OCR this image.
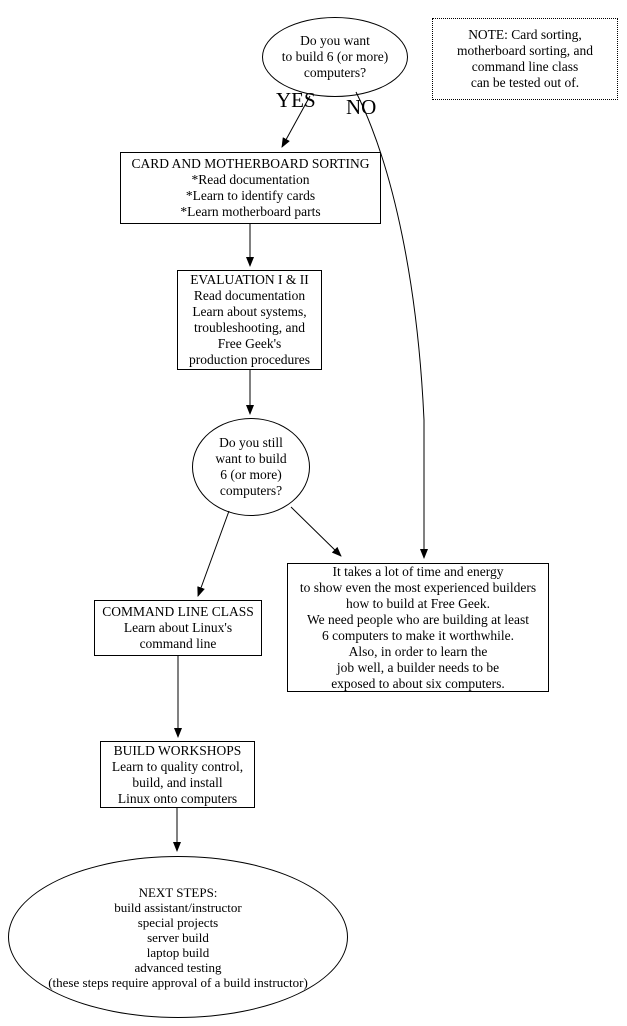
Do you want
to build 6 (or more)
computers?
NOTE: Card sorting,
motherboard sorting, and
command line class
can be tested out of.
YES NO
CARD AND MOTHERBOARD SORTING
*Read documentation
*Learn to identify cards
*Learn motherboard parts
EVALUATION I & II
Read documentation
Learn about systems,
troubleshooting, and
Free Geek's
production procedures
Do you still
want to build
6 (or more)
computers?
It takes a lot of time and energy
to show even the most experienced builders
how to build at Free Geek.
We need people who are building at least
6 computers to make it worthwhile.
Also, in order to learn the
job well, a builder needs to be
exposed to about six computers.
COMMAND LINE CLASS
Learn about Linux's
command line
BUILD WORKSHOPS
Learn to quality control,
build, and install
Linux onto computers
NEXT STEPS:
build assistant/instructor
special projects
server build
laptop build
advanced testing
(these steps require approval of a build instructor)
